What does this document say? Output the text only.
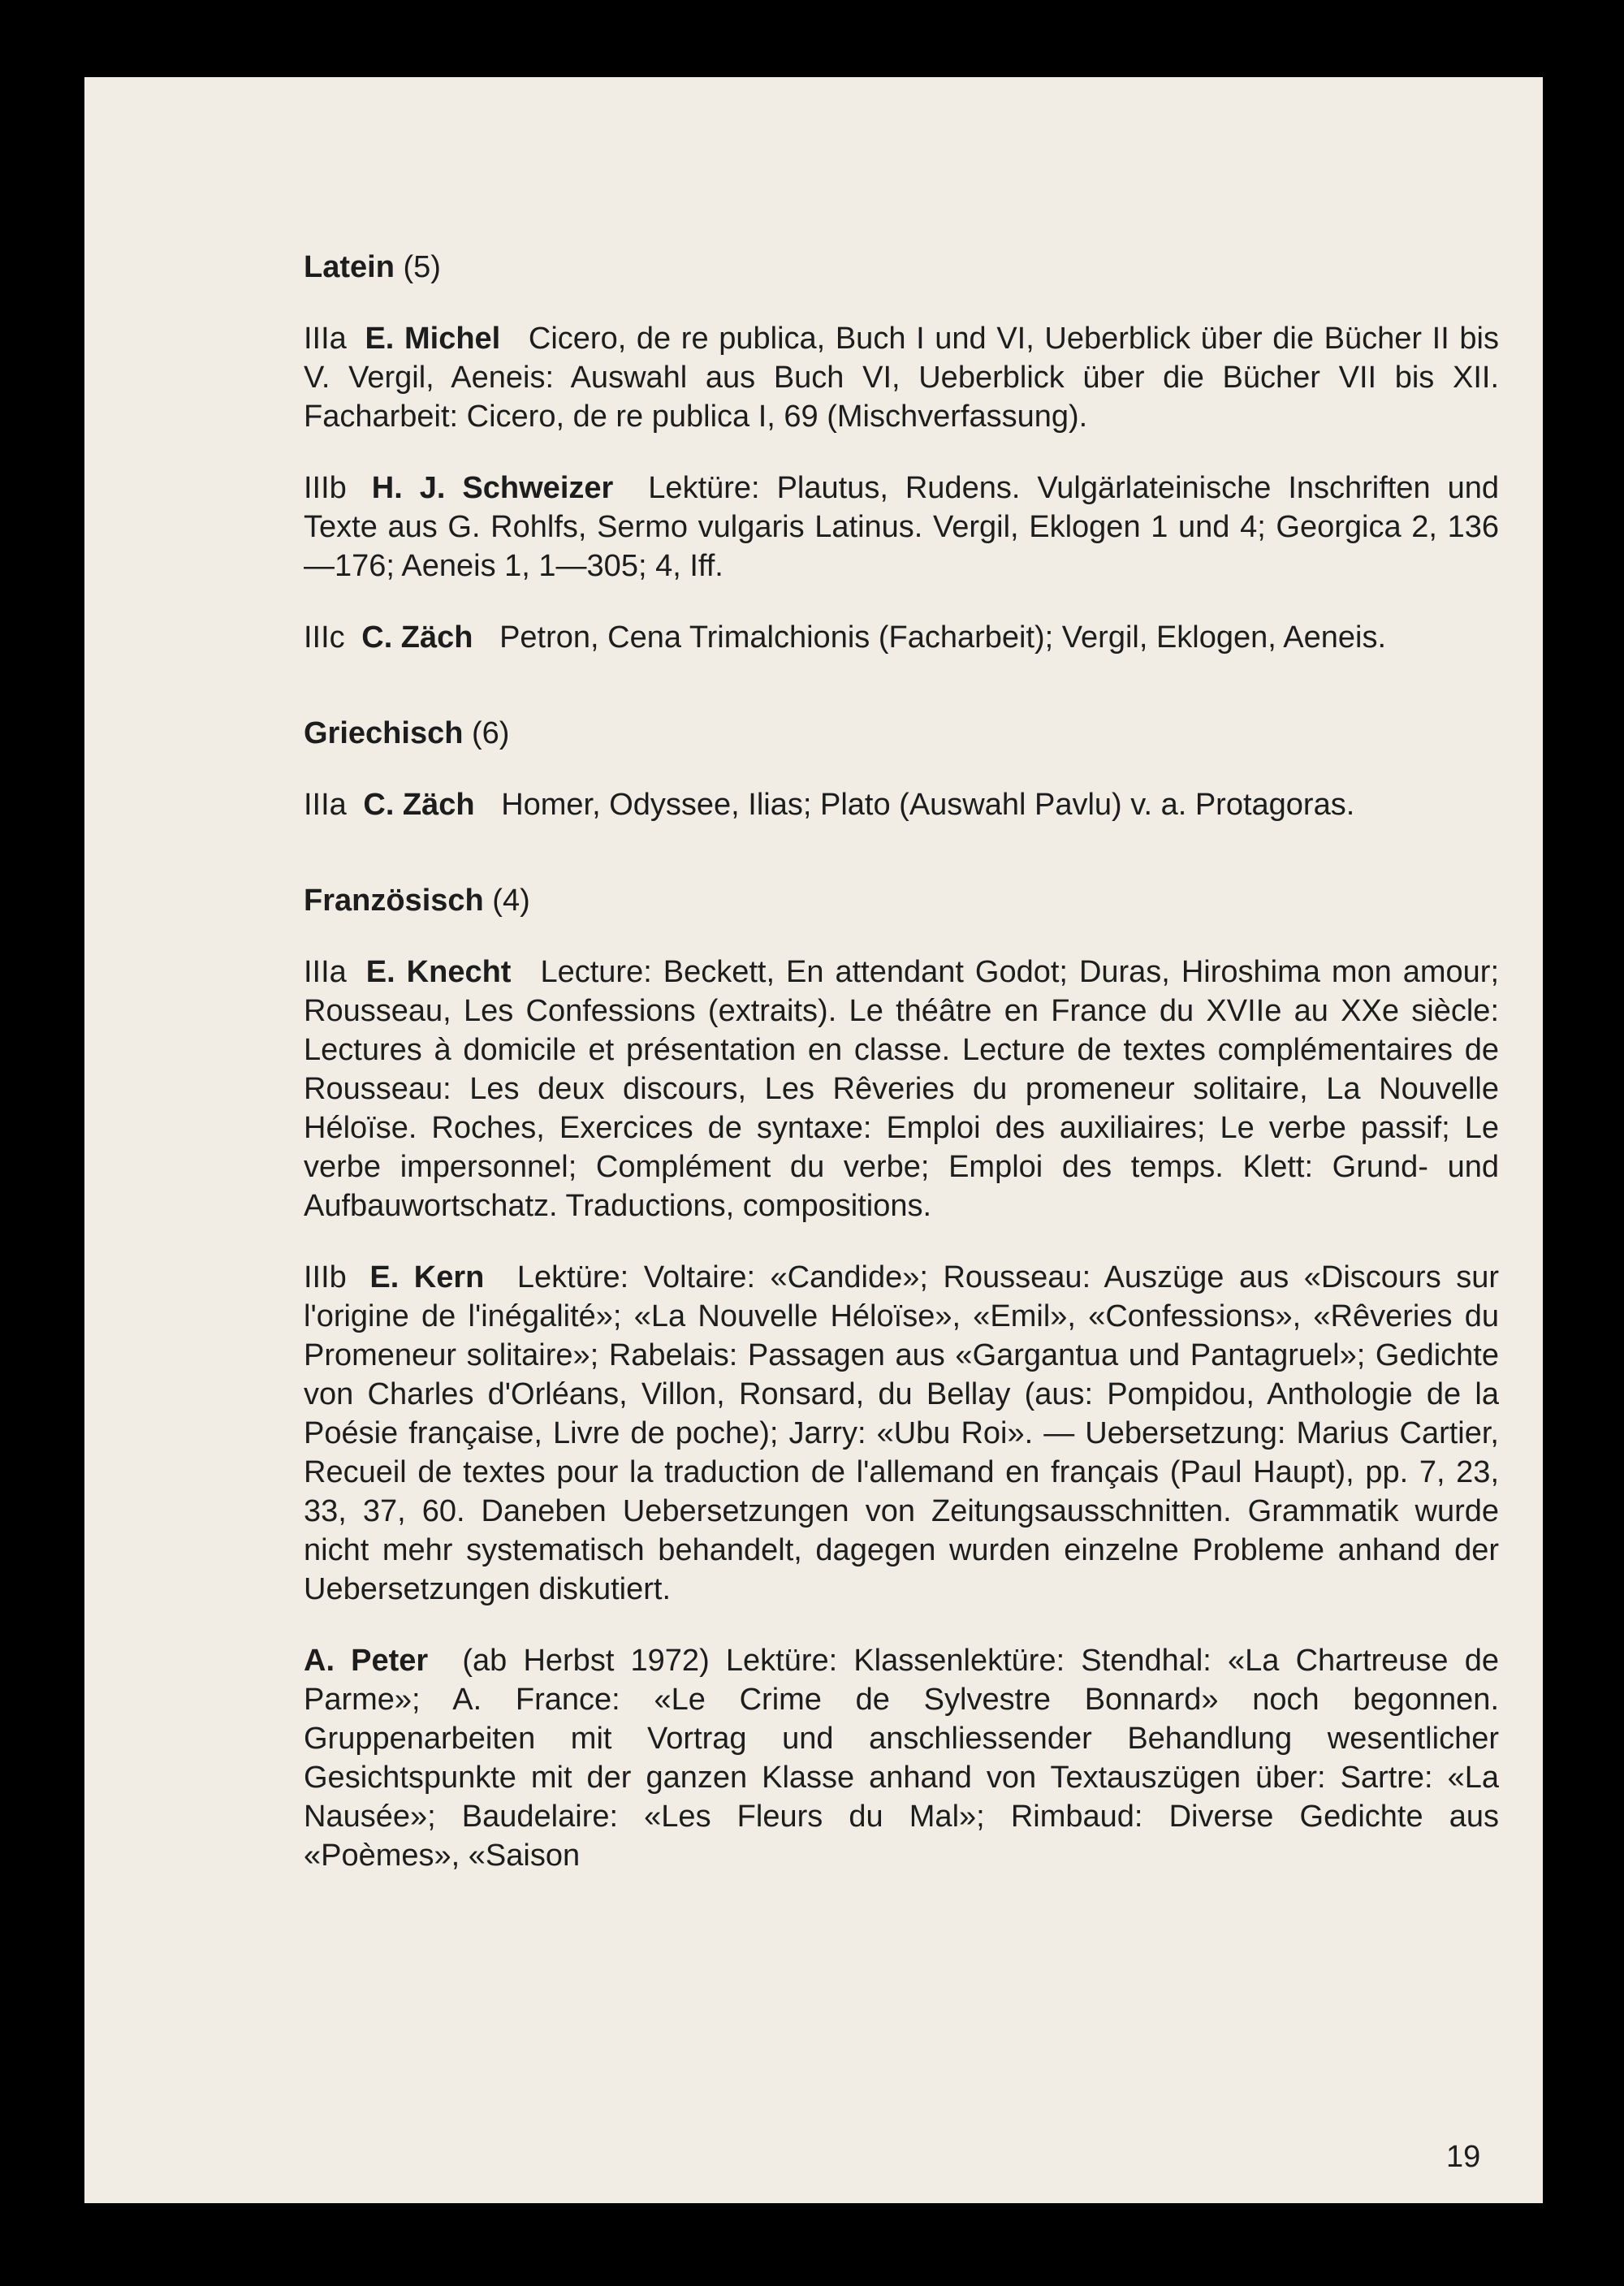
Latein (5)

IIIa E. Michel Cicero, de re publica, Buch I und VI, Ueberblick über die Bücher II bis V. Vergil, Aeneis: Auswahl aus Buch VI, Ueberblick über die Bücher VII bis XII. Facharbeit: Cicero, de re publica I, 69 (Mischverfassung).

IIIb H. J. Schweizer Lektüre: Plautus, Rudens. Vulgärlateinische Inschriften und Texte aus G. Rohlfs, Sermo vulgaris Latinus. Vergil, Eklogen 1 und 4; Georgica 2, 136—176; Aeneis 1, 1—305; 4, Iff.

IIIc C. Zäch Petron, Cena Trimalchionis (Facharbeit); Vergil, Eklogen, Aeneis.

Griechisch (6)

IIIa C. Zäch Homer, Odyssee, Ilias; Plato (Auswahl Pavlu) v. a. Protagoras.

Französisch (4)

IIIa E. Knecht Lecture: Beckett, En attendant Godot; Duras, Hiroshima mon amour; Rousseau, Les Confessions (extraits). Le théâtre en France du XVIIe au XXe siècle: Lectures à domicile et présentation en classe. Lecture de textes complémentaires de Rousseau: Les deux discours, Les Rêveries du promeneur solitaire, La Nouvelle Héloïse. Roches, Exercices de syntaxe: Emploi des auxiliaires; Le verbe passif; Le verbe impersonnel; Complément du verbe; Emploi des temps. Klett: Grund- und Aufbauwortschatz. Traductions, compositions.

IIIb E. Kern Lektüre: Voltaire: «Candide»; Rousseau: Auszüge aus «Discours sur l'origine de l'inégalité»; «La Nouvelle Héloïse», «Emil», «Confessions», «Rêveries du Promeneur solitaire»; Rabelais: Passagen aus «Gargantua und Pantagruel»; Gedichte von Charles d'Orléans, Villon, Ronsard, du Bellay (aus: Pompidou, Anthologie de la Poésie française, Livre de poche); Jarry: «Ubu Roi». — Uebersetzung: Marius Cartier, Recueil de textes pour la traduction de l'allemand en français (Paul Haupt), pp. 7, 23, 33, 37, 60. Daneben Uebersetzungen von Zeitungsausschnitten. Grammatik wurde nicht mehr systematisch behandelt, dagegen wurden einzelne Probleme anhand der Uebersetzungen diskutiert.

A. Peter (ab Herbst 1972) Lektüre: Klassenlektüre: Stendhal: «La Chartreuse de Parme»; A. France: «Le Crime de Sylvestre Bonnard» noch begonnen. Gruppenarbeiten mit Vortrag und anschliessender Behandlung wesentlicher Gesichtspunkte mit der ganzen Klasse anhand von Textauszügen über: Sartre: «La Nausée»; Baudelaire: «Les Fleurs du Mal»; Rimbaud: Diverse Gedichte aus «Poèmes», «Saison

19
